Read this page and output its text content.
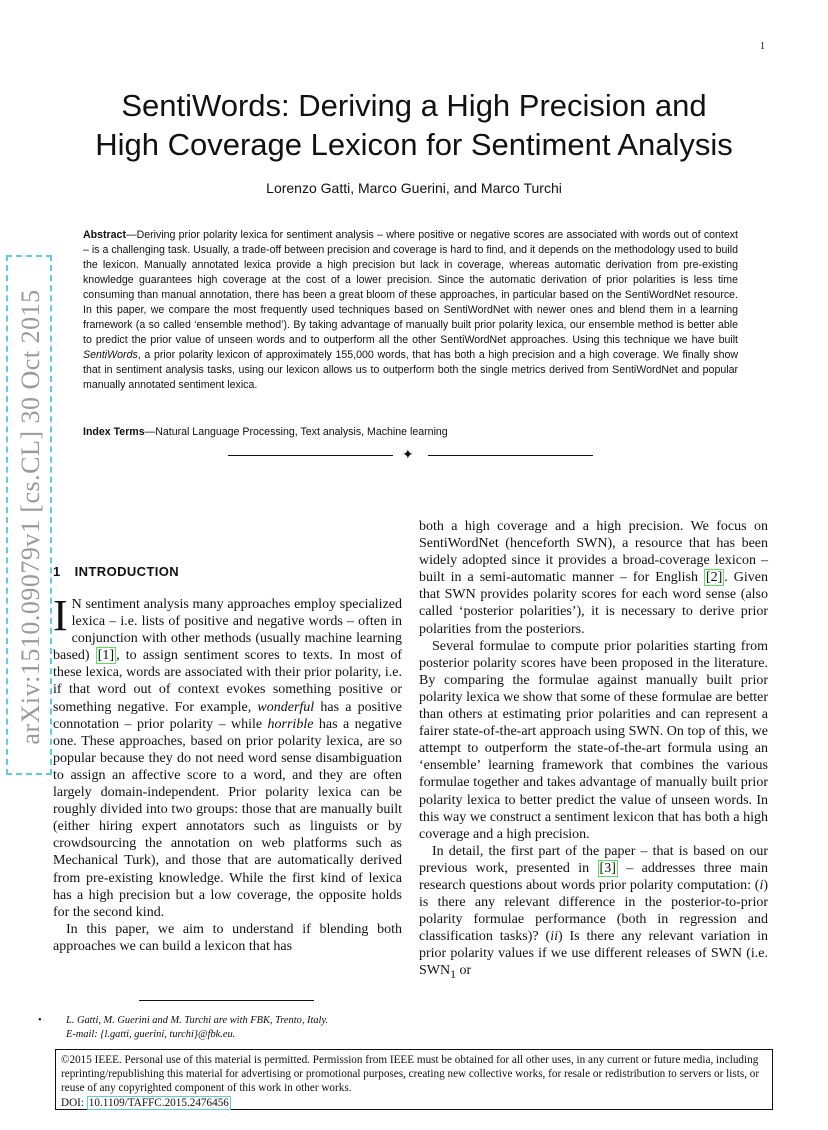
1
SentiWords: Deriving a High Precision and
High Coverage Lexicon for Sentiment Analysis
Lorenzo Gatti, Marco Guerini, and Marco Turchi
Abstract—Deriving prior polarity lexica for sentiment analysis – where positive or negative scores are associated with words out of context – is a challenging task. Usually, a trade-off between precision and coverage is hard to find, and it depends on the methodology used to build the lexicon. Manually annotated lexica provide a high precision but lack in coverage, whereas automatic derivation from pre-existing knowledge guarantees high coverage at the cost of a lower precision. Since the automatic derivation of prior polarities is less time consuming than manual annotation, there has been a great bloom of these approaches, in particular based on the SentiWordNet resource. In this paper, we compare the most frequently used techniques based on SentiWordNet with newer ones and blend them in a learning framework (a so called ‘ensemble method’). By taking advantage of manually built prior polarity lexica, our ensemble method is better able to predict the prior value of unseen words and to outperform all the other SentiWordNet approaches. Using this technique we have built SentiWords, a prior polarity lexicon of approximately 155,000 words, that has both a high precision and a high coverage. We finally show that in sentiment analysis tasks, using our lexicon allows us to outperform both the single metrics derived from SentiWordNet and popular manually annotated sentiment lexica.
Index Terms—Natural Language Processing, Text analysis, Machine learning
✦
arXiv:1510.09079v1 [cs.CL] 30 Oct 2015 1 INTRODUCTION

I N sentiment analysis many approaches employ specialized lexica – i.e. lists of positive and negative words – often in conjunction with other methods (usually machine learning based) [1] , to assign sentiment scores to texts. In most of these lexica, words are associated with their prior polarity, i.e. if that word out of context evokes something positive or something negative. For example, wonderful has a positive connotation – prior polarity – while horrible has a negative one. These approaches, based on prior polarity lexica, are so popular because they do not need word sense disambiguation to assign an affective score to a word, and they are often largely domain-independent. Prior polarity lexica can be roughly divided into two groups: those that are manually built (either hiring expert annotators such as linguists or by crowdsourcing the annotation on web platforms such as Mechanical Turk), and those that are automatically derived from pre-existing knowledge. While the first kind of lexica has a high precision but a low coverage, the opposite holds for the second kind.

In this paper, we aim to understand if blending both approaches we can build a lexicon that has

both a high coverage and a high precision. We focus on SentiWordNet (henceforth SWN), a resource that has been widely adopted since it provides a broad-coverage lexicon – built in a semi-automatic manner – for English [2] . Given that SWN provides polarity scores for each word sense (also called ‘posterior polarities’), it is necessary to derive prior polarities from the posteriors.

Several formulae to compute prior polarities starting from posterior polarity scores have been proposed in the literature. By comparing the formulae against manually built prior polarity lexica we show that some of these formulae are better than others at estimating prior polarities and can represent a fairer state-of-the-art approach using SWN. On top of this, we attempt to outperform the state-of-the-art formula using an ‘ensemble’ learning framework that combines the various formulae together and takes advantage of manually built prior polarity lexica to better predict the value of unseen words. In this way we construct a sentiment lexicon that has both a high coverage and a high precision.

In detail, the first part of the paper – that is based on our previous work, presented in [3] – addresses three main research questions about words prior polarity computation: (i) is there any relevant difference in the posterior-to-prior polarity formulae performance (both in regression and classification tasks)? (ii) Is there any relevant variation in prior polarity values if we use different releases of SWN (i.e. $SWN_1$ or

• L. Gatti, M. Guerini and M. Turchi are with FBK, Trento, Italy.
E-mail: {l.gatti, guerini, turchi}@fbk.eu.
©2015 IEEE. Personal use of this material is permitted. Permission from IEEE must be obtained for all other uses, in any current or future media, including reprinting/republishing this material for advertising or promotional purposes, creating new collective works, for resale or redistribution to servers or lists, or reuse of any copyrighted component of this work in other works.
DOI: 10.1109/TAFFC.2015.2476456
